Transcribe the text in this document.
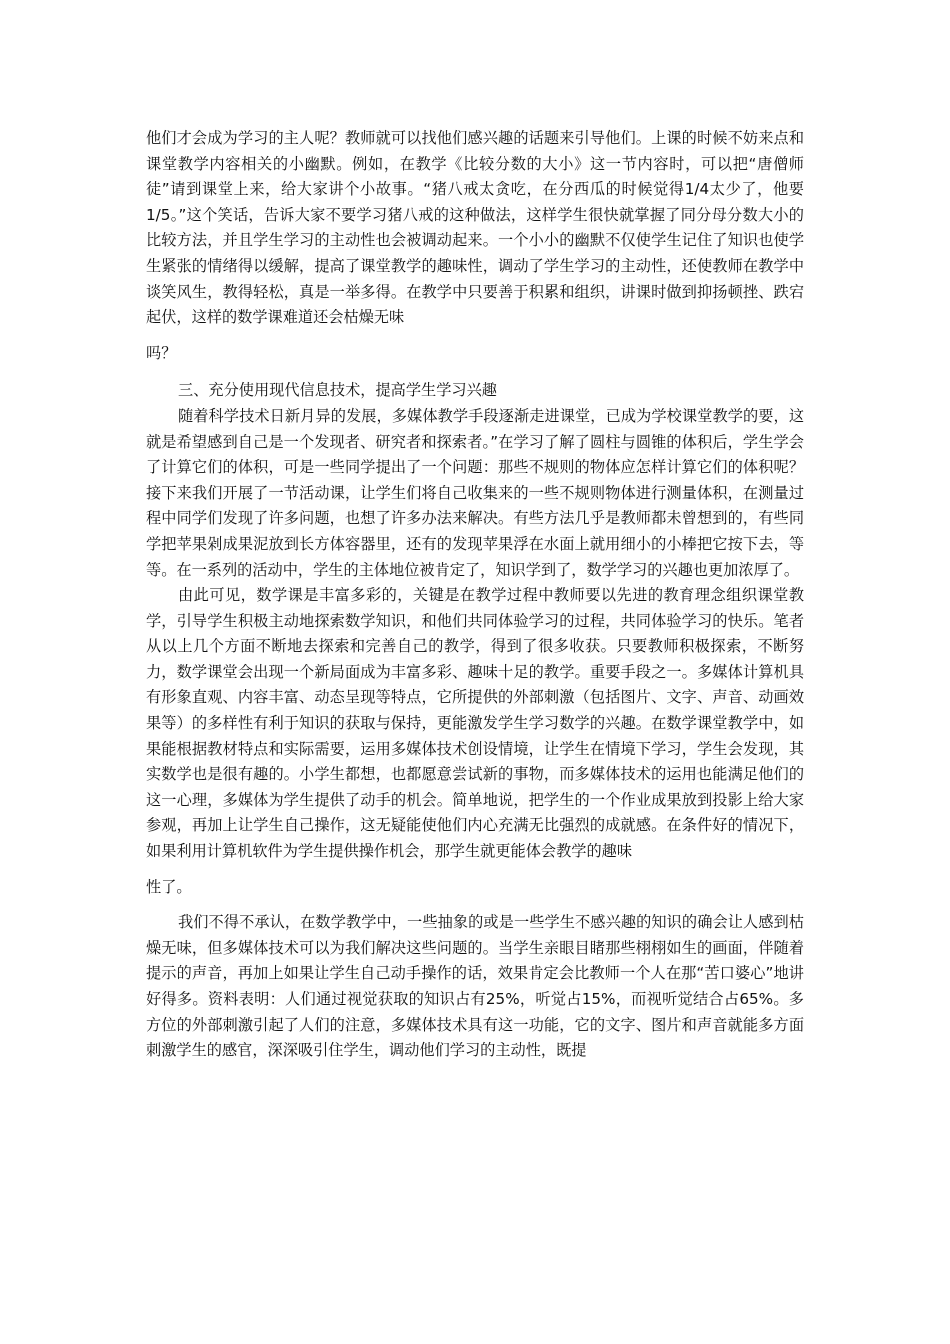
他们才会成为学习的主人呢？教师就可以找他们感兴趣的话题来引导他们。上课的时候不妨来点和课堂教学内容相关的小幽默。例如，在教学《比较分数的大小》这一节内容时，可以把“唐僧师徒”请到课堂上来，给大家讲个小故事。“猪八戒太贪吃，在分西瓜的时候觉得1/4太少了，他要1/5。”这个笑话，告诉大家不要学习猪八戒的这种做法，这样学生很快就掌握了同分母分数大小的比较方法，并且学生学习的主动性也会被调动起来。一个小小的幽默不仅使学生记住了知识也使学生紧张的情绪得以缓解，提高了课堂教学的趣味性，调动了学生学习的主动性，还使教师在教学中谈笑风生，教得轻松，真是一举多得。在教学中只要善于积累和组织，讲课时做到抑扬顿挫、跌宕起伏，这样的数学课难道还会枯燥无味

吗？

三、充分使用现代信息技术，提高学生学习兴趣

随着科学技术日新月异的发展，多媒体教学手段逐渐走进课堂，已成为学校课堂教学的要，这就是希望感到自己是一个发现者、研究者和探索者。”在学习了解了圆柱与圆锥的体积后，学生学会了计算它们的体积，可是一些同学提出了一个问题：那些不规则的物体应怎样计算它们的体积呢？接下来我们开展了一节活动课，让学生们将自己收集来的一些不规则物体进行测量体积，在测量过程中同学们发现了许多问题，也想了许多办法来解决。有些方法几乎是教师都未曾想到的，有些同学把苹果剁成果泥放到长方体容器里，还有的发现苹果浮在水面上就用细小的小棒把它按下去，等等。在一系列的活动中，学生的主体地位被肯定了，知识学到了，数学学习的兴趣也更加浓厚了。

由此可见，数学课是丰富多彩的，关键是在教学过程中教师要以先进的教育理念组织课堂教学，引导学生积极主动地探索数学知识，和他们共同体验学习的过程，共同体验学习的快乐。笔者从以上几个方面不断地去探索和完善自己的教学，得到了很多收获。只要教师积极探索，不断努力，数学课堂会出现一个新局面成为丰富多彩、趣味十足的教学。重要手段之一。多媒体计算机具有形象直观、内容丰富、动态呈现等特点，它所提供的外部刺激（包括图片、文字、声音、动画效果等）的多样性有利于知识的获取与保持，更能激发学生学习数学的兴趣。在数学课堂教学中，如果能根据教材特点和实际需要，运用多媒体技术创设情境，让学生在情境下学习，学生会发现，其实数学也是很有趣的。小学生都想，也都愿意尝试新的事物，而多媒体技术的运用也能满足他们的这一心理，多媒体为学生提供了动手的机会。简单地说，把学生的一个作业成果放到投影上给大家参观，再加上让学生自己操作，这无疑能使他们内心充满无比强烈的成就感。在条件好的情况下，如果利用计算机软件为学生提供操作机会，那学生就更能体会教学的趣味

性了。

我们不得不承认，在数学教学中，一些抽象的或是一些学生不感兴趣的知识的确会让人感到枯燥无味，但多媒体技术可以为我们解决这些问题的。当学生亲眼目睹那些栩栩如生的画面，伴随着提示的声音，再加上如果让学生自己动手操作的话，效果肯定会比教师一个人在那“苦口婆心”地讲好得多。资料表明：人们通过视觉获取的知识占有25%，听觉占15%，而视听觉结合占65%。多方位的外部刺激引起了人们的注意，多媒体技术具有这一功能，它的文字、图片和声音就能多方面刺激学生的感官，深深吸引住学生，调动他们学习的主动性，既提
